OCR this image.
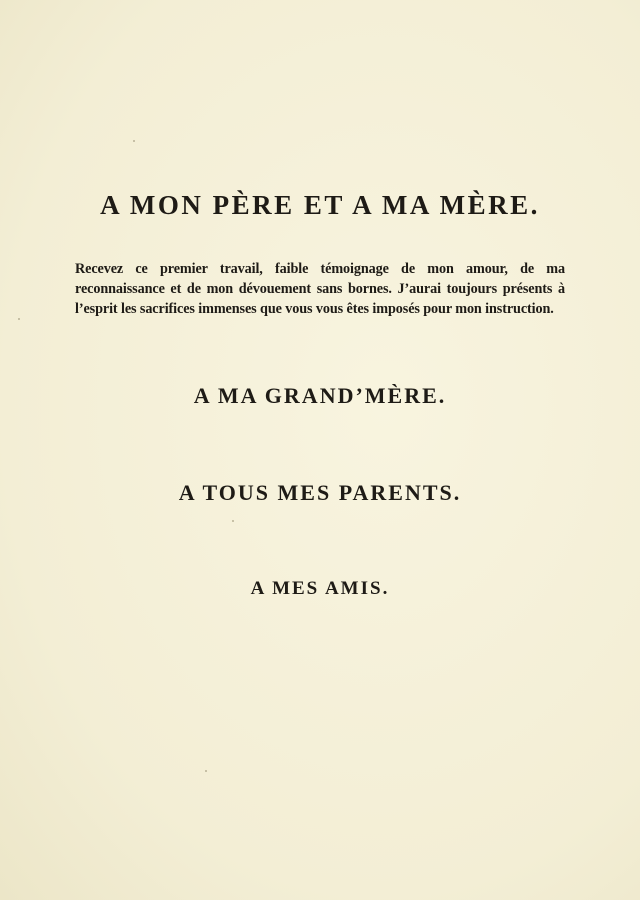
A MON PÈRE ET A MA MÈRE.
Recevez ce premier travail, faible témoignage de mon amour, de ma reconnaissance et de mon dévouement sans bornes. J’aurai toujours présents à l’esprit les sacrifices immenses que vous vous êtes imposés pour mon instruction.
A MA GRAND’MÈRE.
A TOUS MES PARENTS.
A MES AMIS.
